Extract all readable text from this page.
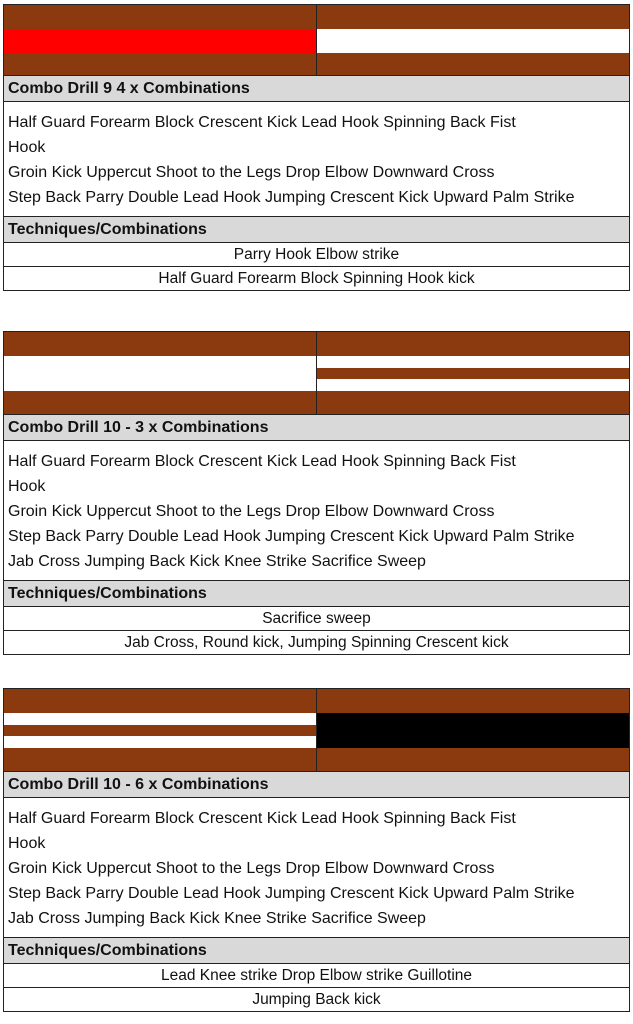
Combo Drill 9 4 x Combinations
Half Guard Forearm Block Crescent Kick Lead Hook Spinning Back Fist
Hook
Groin Kick Uppercut Shoot to the Legs Drop Elbow Downward Cross
Step Back Parry Double Lead Hook Jumping Crescent Kick Upward Palm Strike
Techniques/Combinations
Parry Hook Elbow strike
Half Guard Forearm Block Spinning Hook kick
Combo Drill 10 - 3 x Combinations
Half Guard Forearm Block Crescent Kick Lead Hook Spinning Back Fist
Hook
Groin Kick Uppercut Shoot to the Legs Drop Elbow Downward Cross
Step Back Parry Double Lead Hook Jumping Crescent Kick Upward Palm Strike
Jab Cross Jumping Back Kick Knee Strike Sacrifice Sweep
Techniques/Combinations
Sacrifice sweep
Jab Cross, Round kick, Jumping Spinning Crescent kick
Combo Drill 10 - 6 x Combinations
Half Guard Forearm Block Crescent Kick Lead Hook Spinning Back Fist
Hook
Groin Kick Uppercut Shoot to the Legs Drop Elbow Downward Cross
Step Back Parry Double Lead Hook Jumping Crescent Kick Upward Palm Strike
Jab Cross Jumping Back Kick Knee Strike Sacrifice Sweep
Techniques/Combinations
Lead Knee strike Drop Elbow strike Guillotine
Jumping Back kick
